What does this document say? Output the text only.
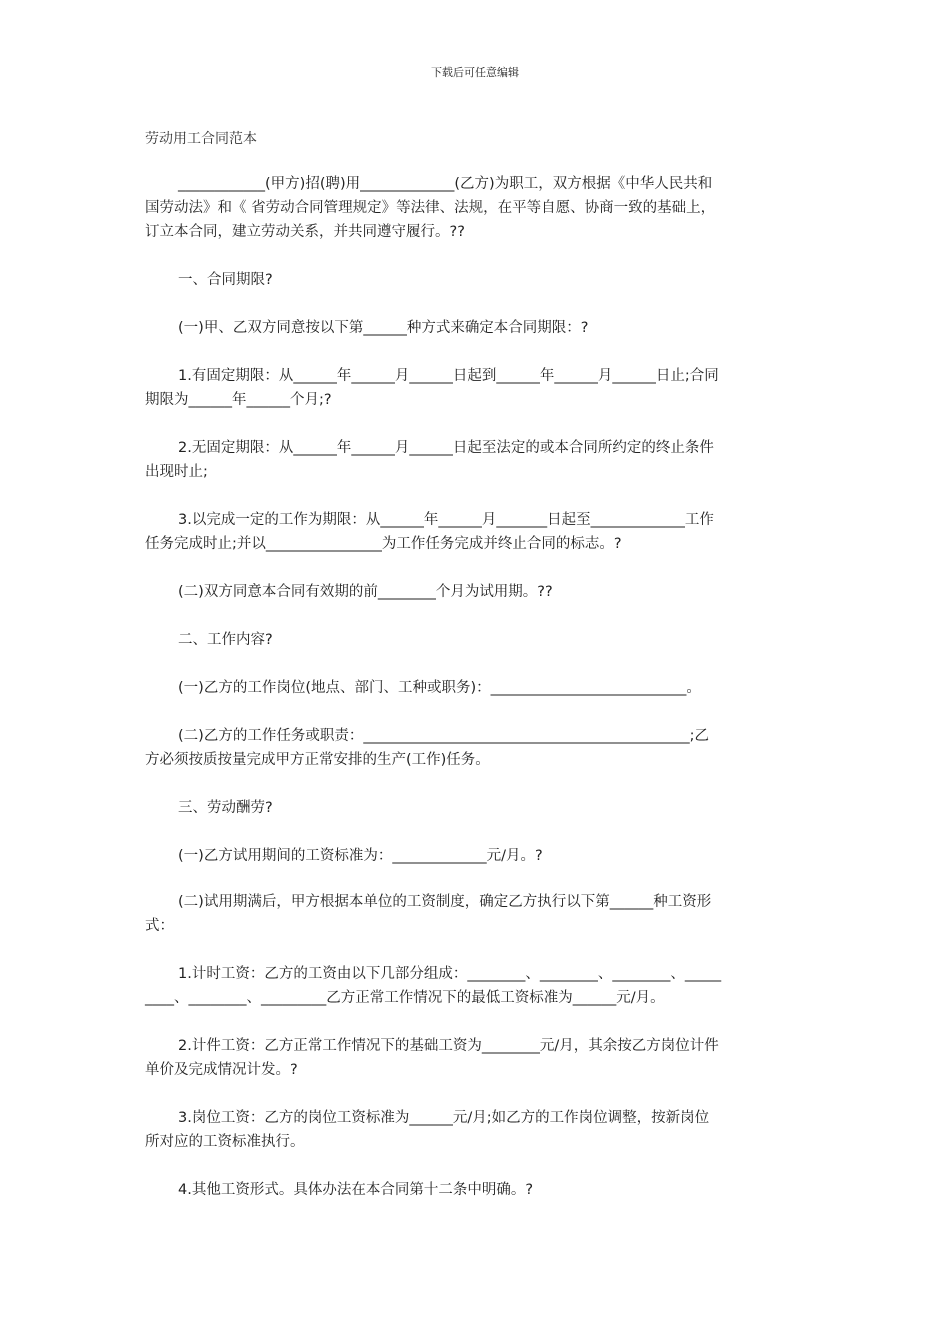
下载后可任意编辑
劳动用工合同范本
____________(甲方)招(聘)用_____________(乙方)为职工，双方根据《中华人民共和
国劳动法》和《 省劳动合同管理规定》等法律、法规，在平等自愿、协商一致的基础上，
订立本合同，建立劳动关系，并共同遵守履行。??
一、合同期限?
(一)甲、乙双方同意按以下第______种方式来确定本合同期限：?
1.有固定期限：从______年______月______日起到______年______月______日止;合同
期限为______年______个月;?
2.无固定期限：从______年______月______日起至法定的或本合同所约定的终止条件
出现时止;
3.以完成一定的工作为期限：从______年______月_______日起至_____________工作
任务完成时止;并以________________为工作任务完成并终止合同的标志。?
(二)双方同意本合同有效期的前________个月为试用期。??
二、工作内容?
(一)乙方的工作岗位(地点、部门、工种或职务)：___________________________。
(二)乙方的工作任务或职责：_____________________________________________;乙
方必须按质按量完成甲方正常安排的生产(工作)任务。
三、劳动酬劳?
(一)乙方试用期间的工资标准为：_____________元/月。?
(二)试用期满后，甲方根据本单位的工资制度，确定乙方执行以下第______种工资形
式：
1.计时工资：乙方的工资由以下几部分组成：________、________、________、_____
____、________、_________乙方正常工作情况下的最低工资标准为______元/月。
2.计件工资：乙方正常工作情况下的基础工资为________元/月，其余按乙方岗位计件
单价及完成情况计发。?
3.岗位工资：乙方的岗位工资标准为______元/月;如乙方的工作岗位调整，按新岗位
所对应的工资标准执行。
4.其他工资形式。具体办法在本合同第十二条中明确。?
